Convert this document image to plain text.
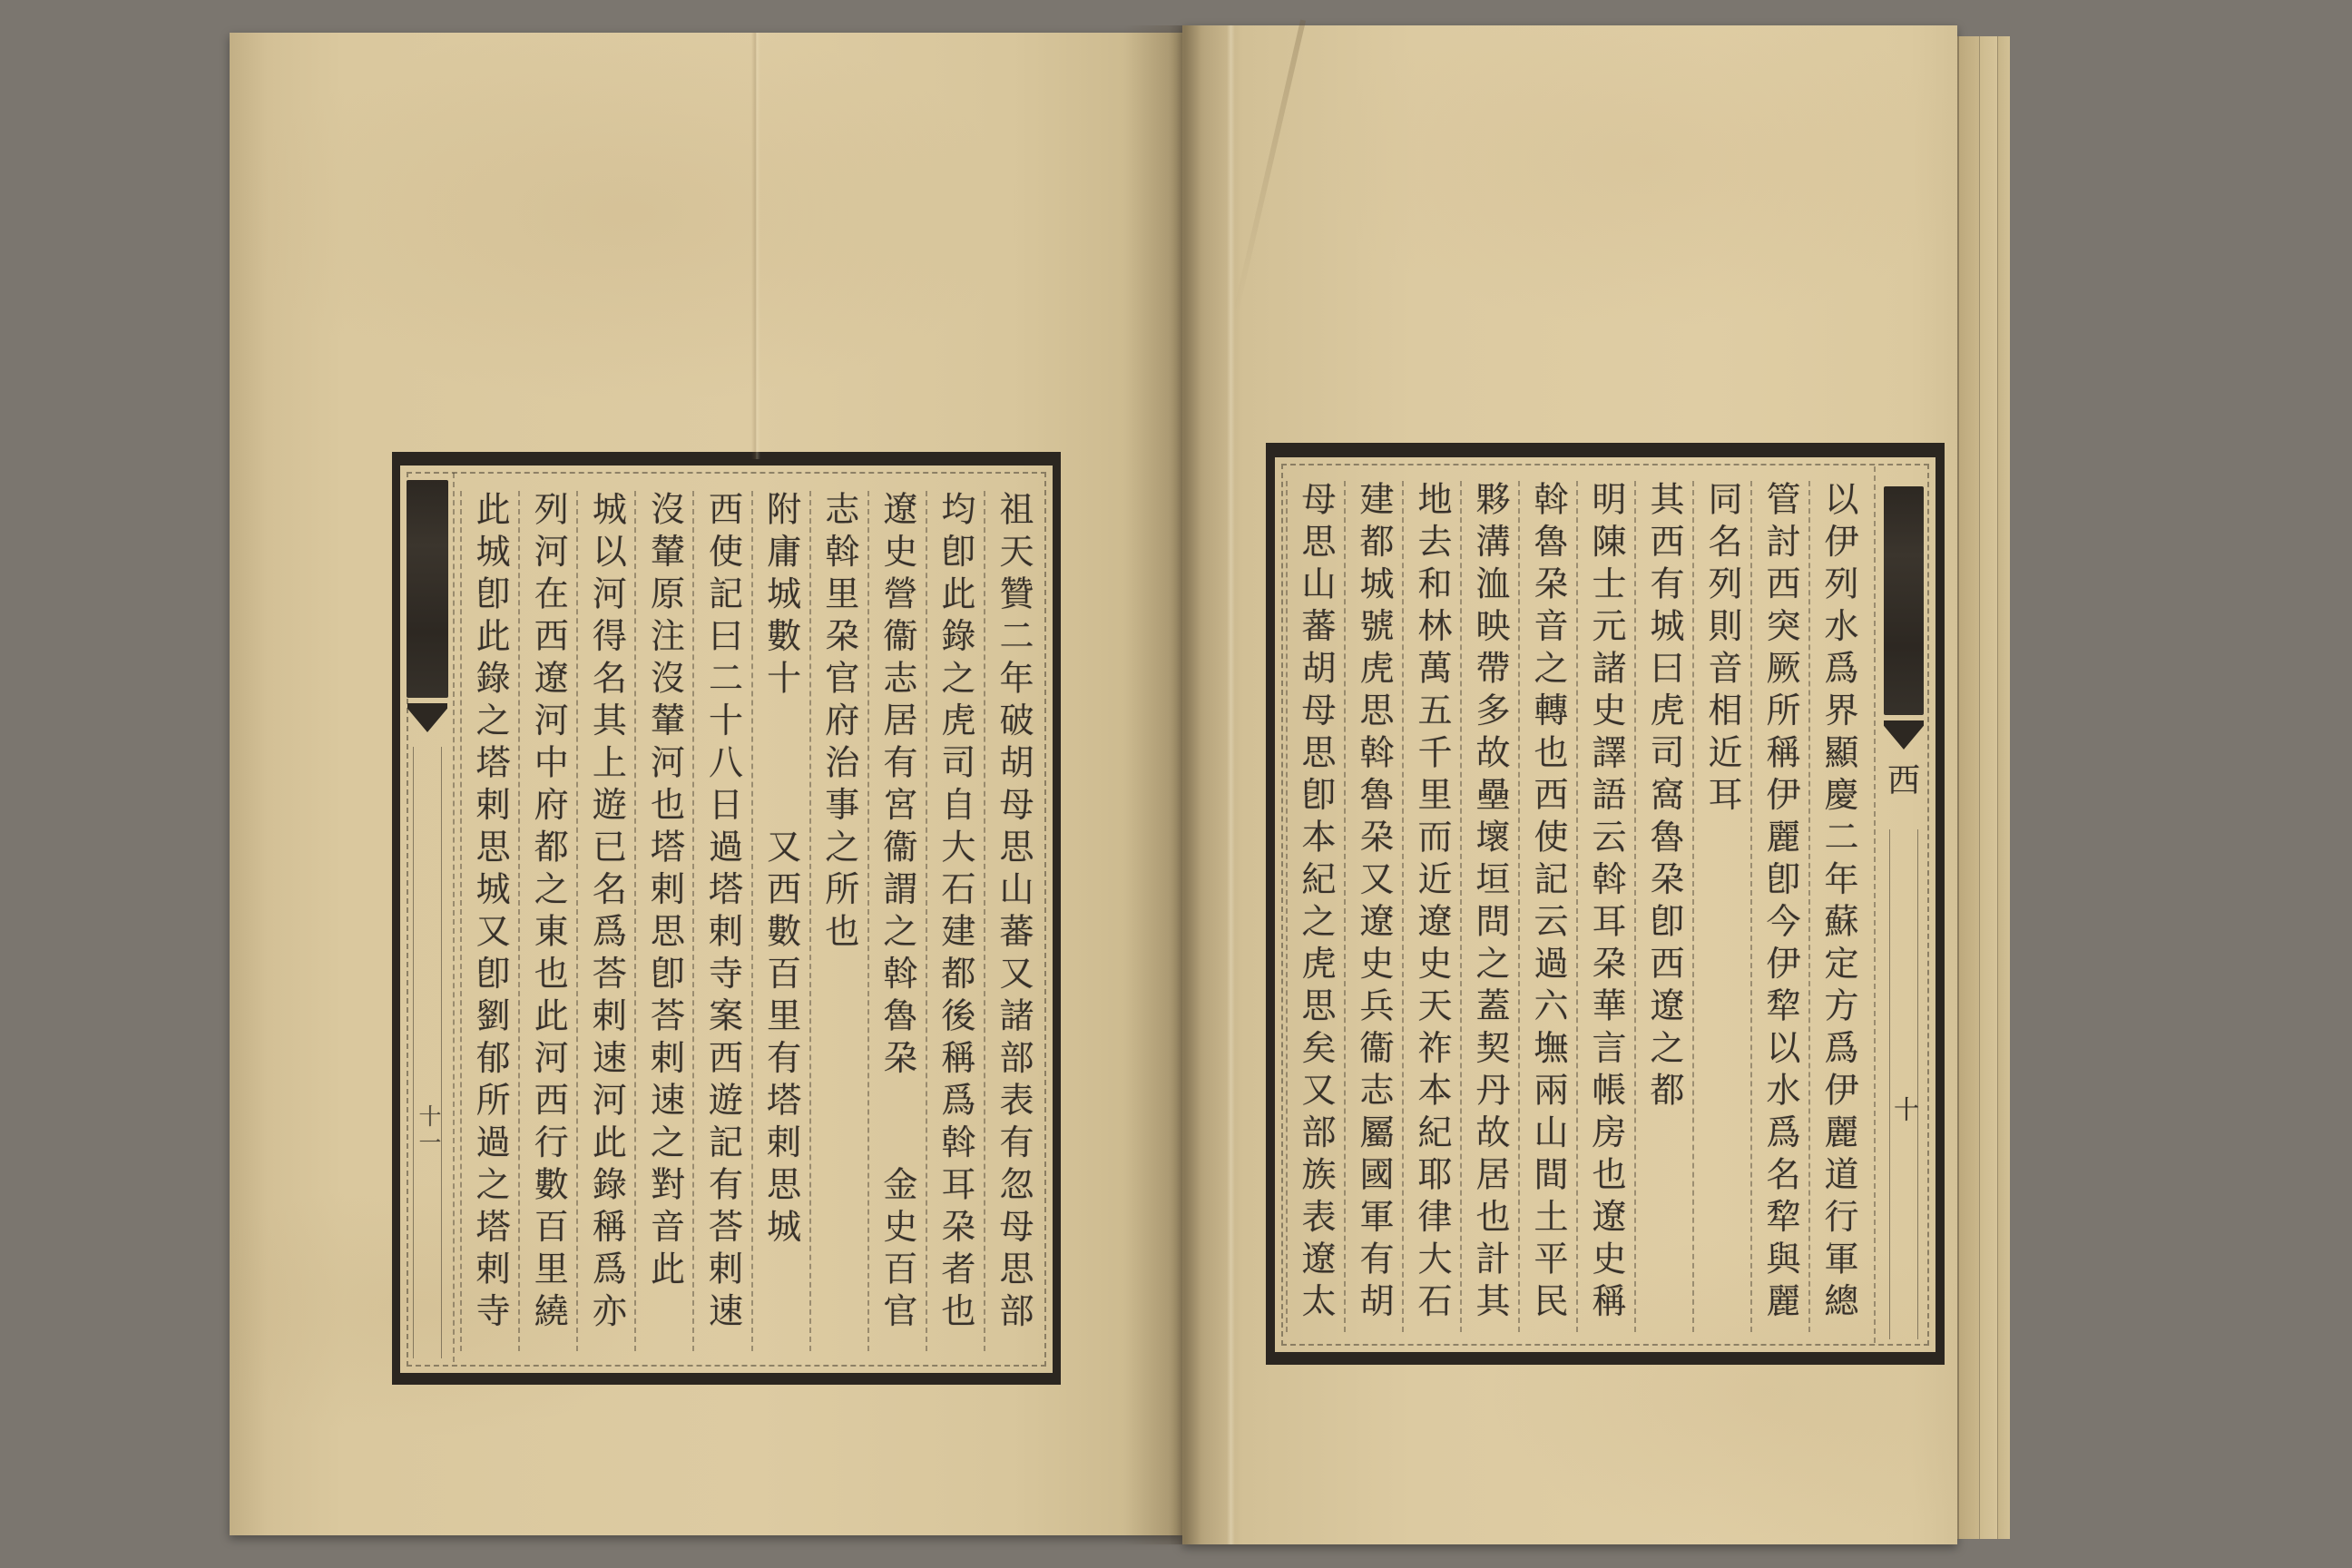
祖天贊二年破胡母思山蕃又諸部表有忽母思部
均卽此錄之虎司自大石建都後稱爲斡耳朶者也
遼史營衞志居有宮衞謂之斡魯朶金史百官
志斡里朶官府治事之所也
附庸城數十又西數百里有塔剌思城
西使記曰二十八日過塔剌寺案西遊記有荅剌速
沒輦原注沒輦河也塔剌思卽荅剌速之對音此
城以河得名其上遊已名爲荅剌速河此錄稱爲亦
列河在西遼河中府都之東也此河西行數百里繞
此城卽此錄之塔剌思城又卽劉郁所過之塔剌寺
十一	以伊列水爲界顯慶二年蘇定方爲伊麗道行軍總
管討西突厥所稱伊麗卽今伊犂以水爲名犂與麗
同名列則音相近耳
其西有城曰虎司窩魯朶卽西遼之都
明陳士元諸史譯語云斡耳朶華言帳房也遼史稱
斡魯朶音之轉也西使記云過六墲兩山間土平民
夥溝洫映帶多故壘壞垣問之蓋契丹故居也計其
地去和林萬五千里而近遼史天祚本紀耶律大石
建都城號虎思斡魯朶又遼史兵衞志屬國軍有胡
母思山蕃胡母思卽本紀之虎思矣又部族表遼太	西
十
